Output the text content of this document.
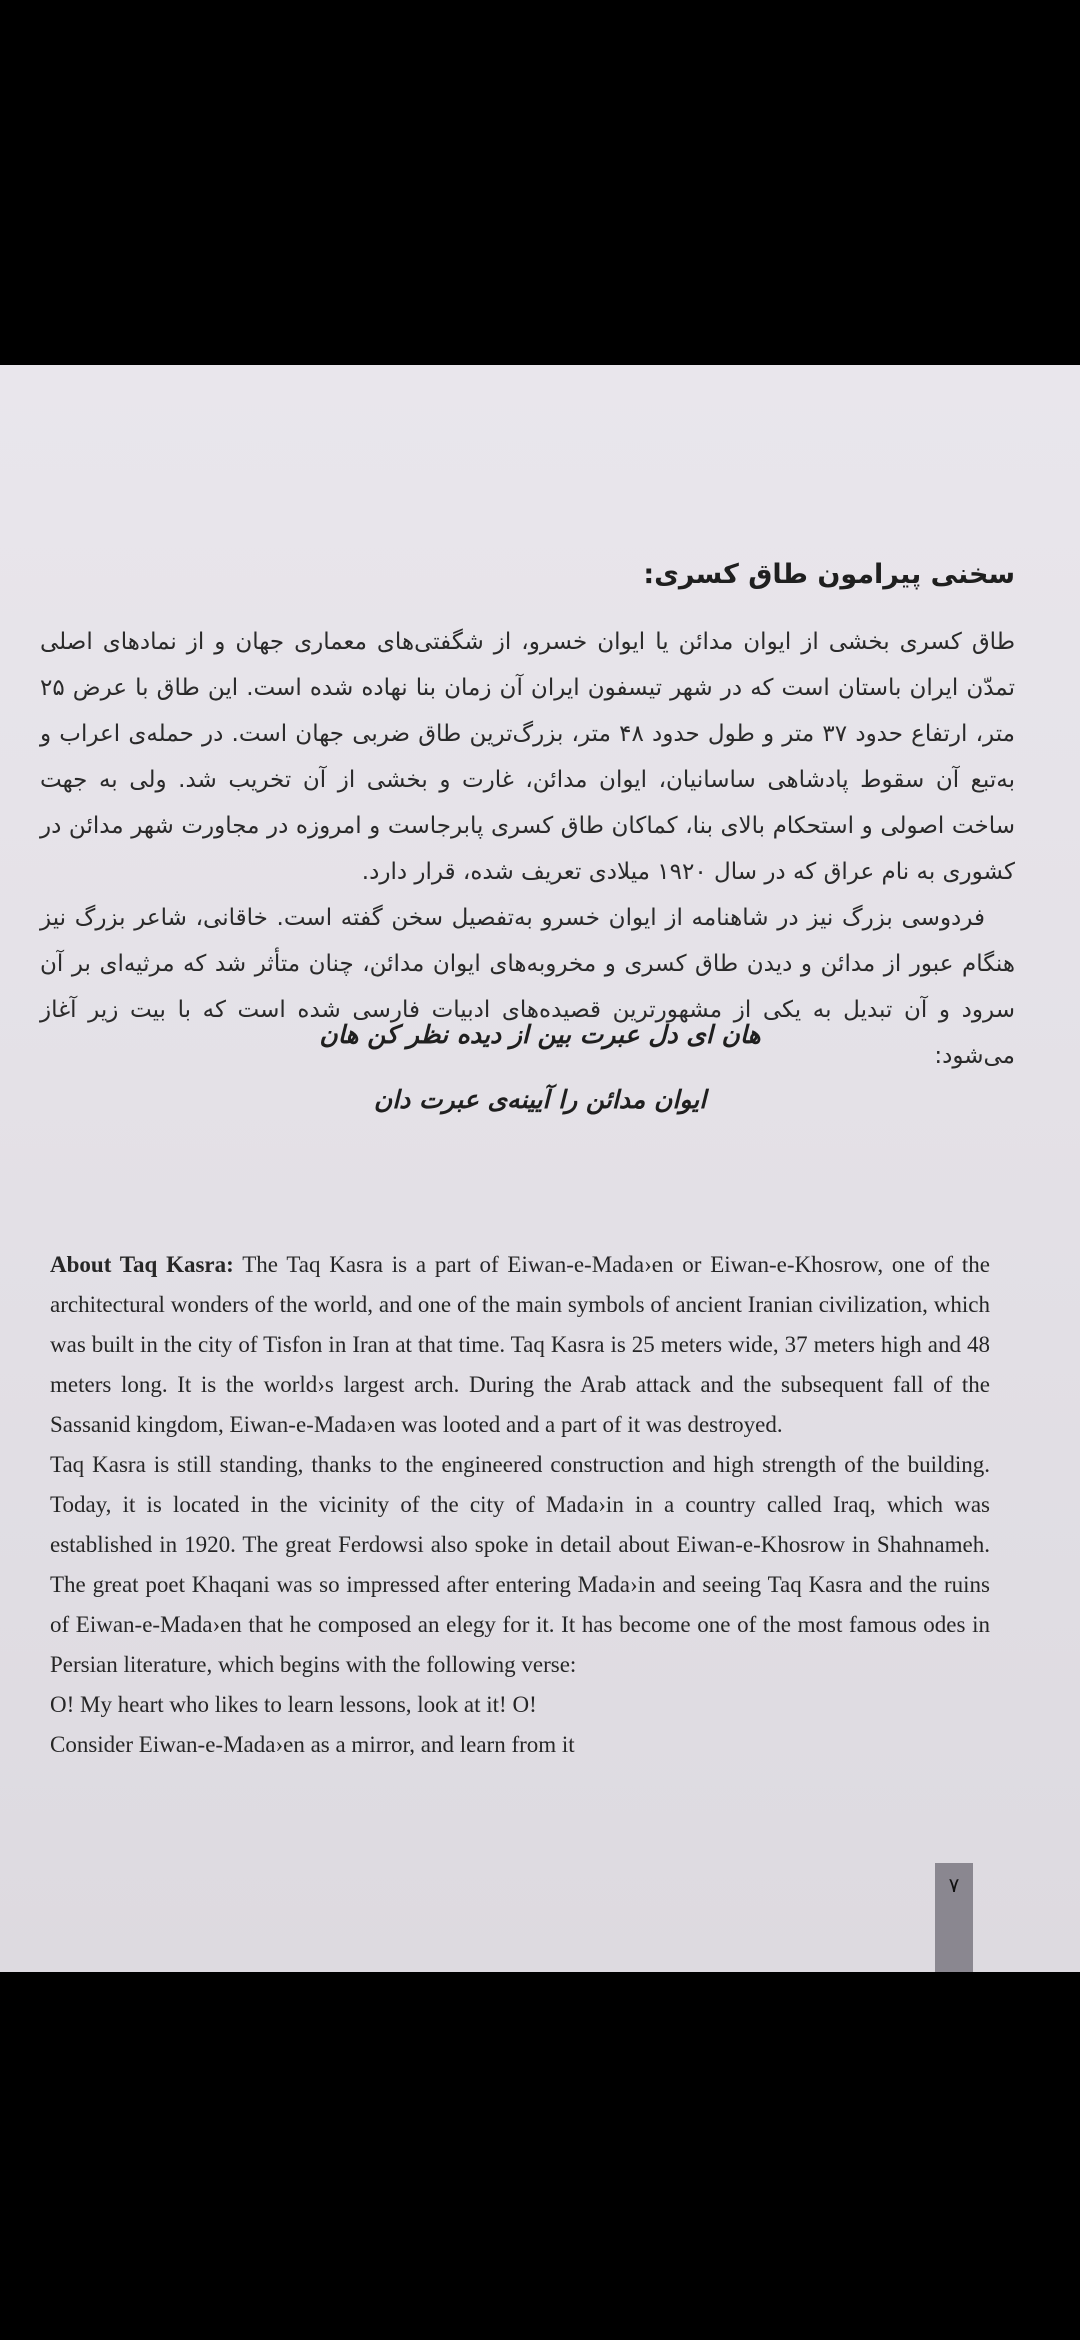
سخنی پیرامون طاق کسری:

طاق کسری بخشی از ایوان مدائن یا ایوان خسرو، از شگفتی‌های معماری جهان و از نمادهای اصلی تمدّن ایران باستان است که در شهر تیسفون ایران آن زمان بنا نهاده شده است. این طاق با عرض ۲۵ متر، ارتفاع حدود ۳۷ متر و طول حدود ۴۸ متر، بزرگ‌ترین طاق ضربی جهان است. در حمله‌ی اعراب و به‌تبع آن سقوط پادشاهی ساسانیان، ایوان مدائن، غارت و بخشی از آن تخریب شد. ولی به جهت ساخت اصولی و استحکام بالای بنا، کماکان طاق کسری پابرجاست و امروزه در مجاورت شهر مدائن در کشوری به نام عراق که در سال ۱۹۲۰ میلادی تعریف شده، قرار دارد.

فردوسی بزرگ نیز در شاهنامه از ایوان خسرو به‌تفصیل سخن گفته است. خاقانی، شاعر بزرگ نیز هنگام عبور از مدائن و دیدن طاق کسری و مخروبه‌های ایوان مدائن، چنان متأثر شد که مرثیه‌ای بر آن سرود و آن تبدیل به یکی از مشهورترین قصیده‌های ادبیات فارسی شده است که با بیت زیر آغاز می‌شود:

هان ای دل عبرت بین از دیده نظر کن هان
ایوان مدائن را آیینه‌ی عبرت دان

About Taq Kasra: The Taq Kasra is a part of Eiwan-e-Mada›en or Eiwan-e-Khosrow, one of the architectural wonders of the world, and one of the main symbols of ancient Iranian civilization, which was built in the city of Tisfon in Iran at that time. Taq Kasra is 25 meters wide, 37 meters high and 48 meters long. It is the world›s largest arch. During the Arab attack and the subsequent fall of the Sassanid kingdom, Eiwan-e-Mada›en was looted and a part of it was destroyed.

Taq Kasra is still standing, thanks to the engineered construction and high strength of the building. Today, it is located in the vicinity of the city of Mada›in in a country called Iraq, which was established in 1920. The great Ferdowsi also spoke in detail about Eiwan-e-Khosrow in Shahnameh. The great poet Khaqani was so impressed after entering Mada›in and seeing Taq Kasra and the ruins of Eiwan-e-Mada›en that he composed an elegy for it. It has become one of the most famous odes in Persian literature, which begins with the following verse:

O! My heart who likes to learn lessons, look at it! O!

Consider Eiwan-e-Mada›en as a mirror, and learn from it

۷
